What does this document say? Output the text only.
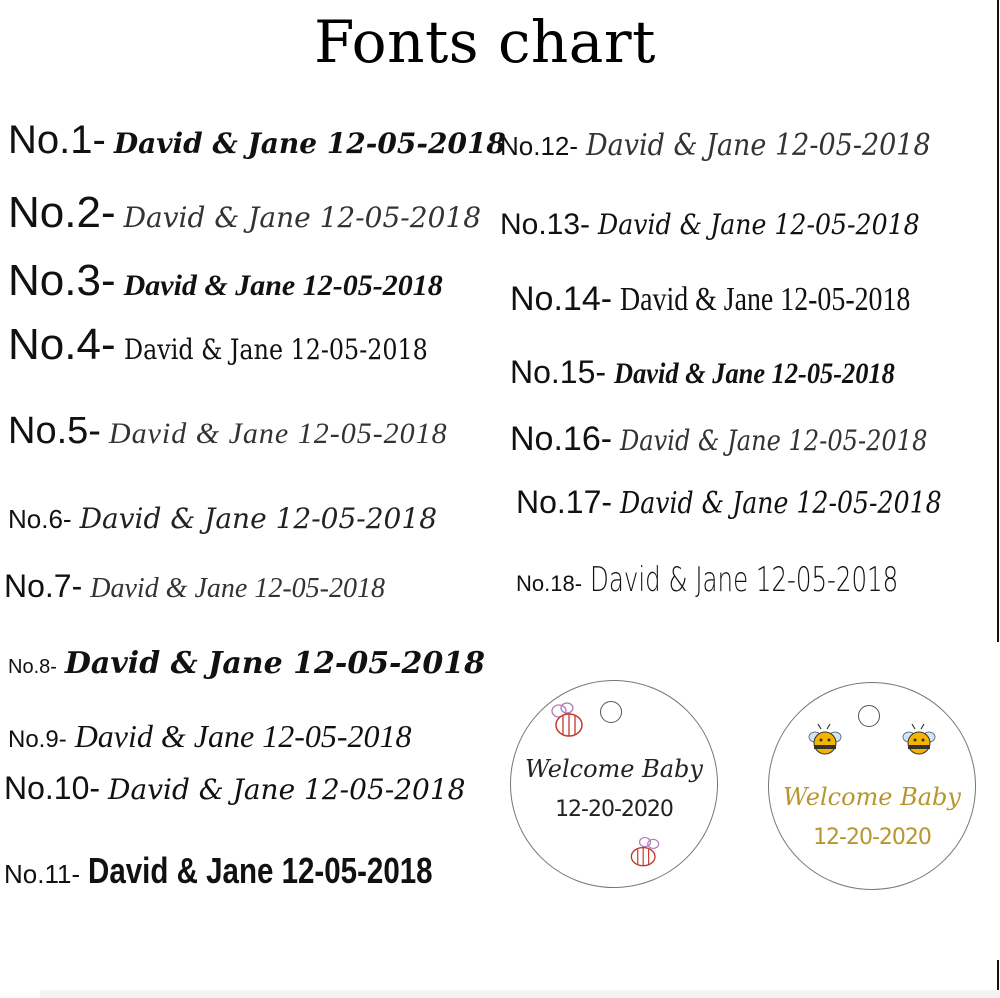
Fonts chart
No.1- David & Jane 12-05-2018
No.2- David & Jane 12-05-2018
No.3- David & Jane 12-05-2018
No.4- David & Jane 12-05-2018
No.5- David & Jane 12-05-2018
No.6- David & Jane 12-05-2018
No.7- David & Jane 12-05-2018
No.8- David & Jane 12-05-2018
No.9- David & Jane 12-05-2018
No.10- David & Jane 12-05-2018
No.11- David & Jane 12-05-2018
No.12- David & Jane 12-05-2018
No.13- David & Jane 12-05-2018
No.14- David & Jane 12-05-2018
No.15- David & Jane 12-05-2018
No.16- David & Jane 12-05-2018
No.17- David & Jane 12-05-2018
No.18- David & Jane 12-05-2018
Welcome Baby
12-20-2020	Welcome Baby
12-20-2020
